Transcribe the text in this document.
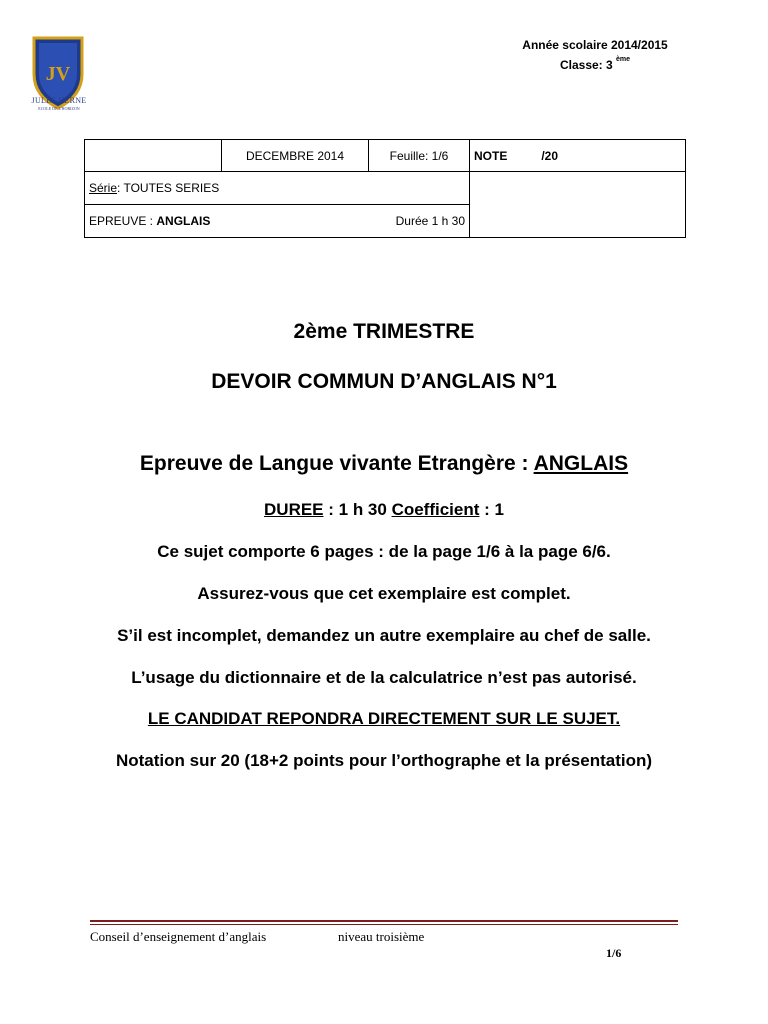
JV
JULES VERNE
ECOLE DE L'HORIZON
Année scolaire 2014/2015
Classe: 3 $^{ème}$
	DECEMBRE 2014	Feuille: 1/6	NOTE /20
Série: TOUTES SERIES			

EPREUVE : ANGLAIS Durée 1 h 30			
2ème TRIMESTRE
DEVOIR COMMUN D’ANGLAIS N°1
Epreuve de Langue vivante Etrangère : ANGLAIS
DUREE : 1 h 30 Coefficient : 1
Ce sujet comporte 6 pages : de la page 1/6 à la page 6/6.
Assurez-vous que cet exemplaire est complet.
S’il est incomplet, demandez un autre exemplaire au chef de salle.
L’usage du dictionnaire et de la calculatrice n’est pas autorisé.
LE CANDIDAT REPONDRA DIRECTEMENT SUR LE SUJET.
Notation sur 20 (18+2 points pour l’orthographe et la présentation)
Conseil d’enseignement d’anglais	niveau troisième
1/6
